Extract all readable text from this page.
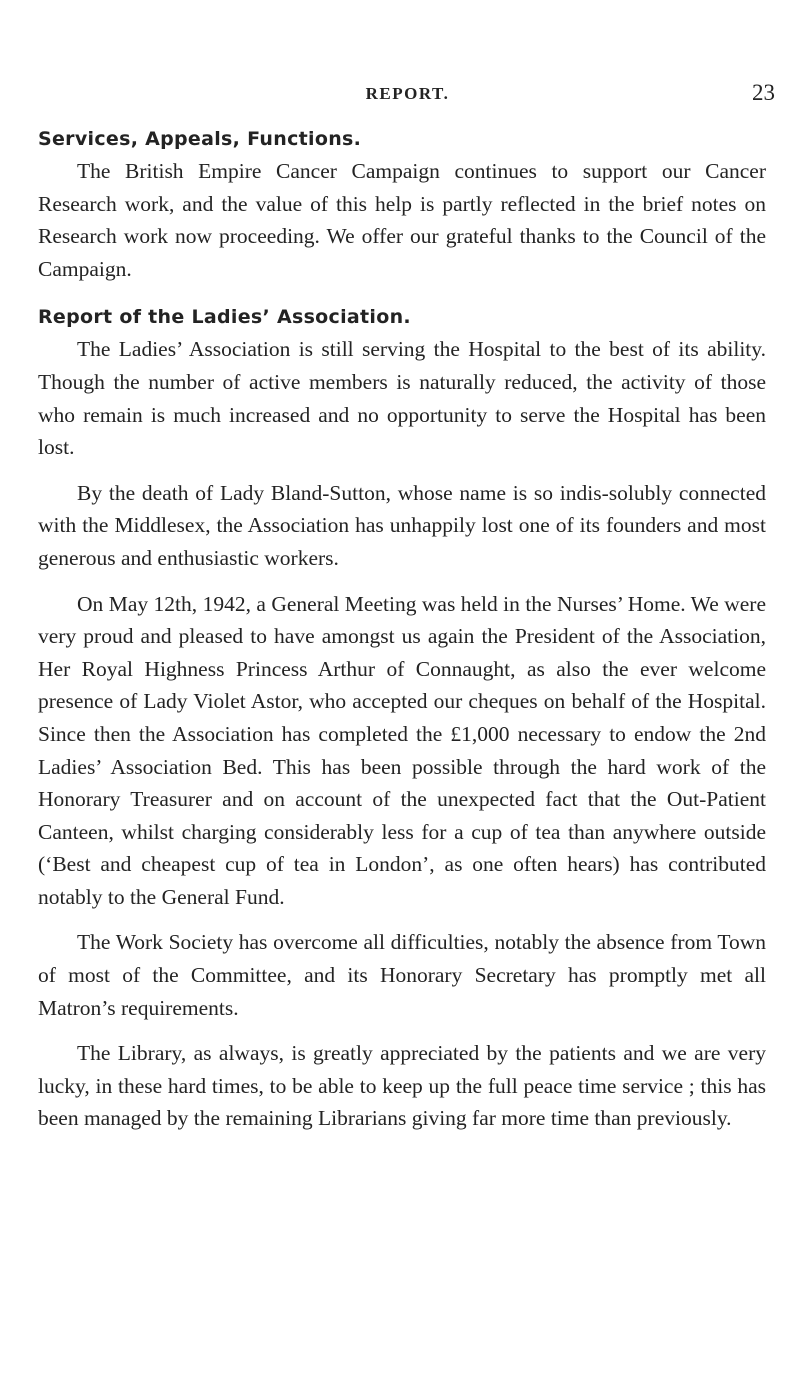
REPORT.	23
Services, Appeals, Functions.

The British Empire Cancer Campaign continues to support our Cancer Research work, and the value of this help is partly reflected in the brief notes on Research work now proceeding. We offer our grateful thanks to the Council of the Campaign.

Report of the Ladies’ Association.

The Ladies’ Association is still serving the Hospital to the best of its ability. Though the number of active members is naturally reduced, the activity of those who remain is much increased and no opportunity to serve the Hospital has been lost.

By the death of Lady Bland-Sutton, whose name is so indis-solubly connected with the Middlesex, the Association has unhappily lost one of its founders and most generous and enthusiastic workers.

On May 12th, 1942, a General Meeting was held in the Nurses’ Home. We were very proud and pleased to have amongst us again the President of the Association, Her Royal Highness Princess Arthur of Connaught, as also the ever welcome presence of Lady Violet Astor, who accepted our cheques on behalf of the Hospital. Since then the Association has completed the £1,000 necessary to endow the 2nd Ladies’ Association Bed. This has been possible through the hard work of the Honorary Treasurer and on account of the unexpected fact that the Out-Patient Canteen, whilst charging considerably less for a cup of tea than anywhere outside (‘Best and cheapest cup of tea in London’, as one often hears) has contributed notably to the General Fund.

The Work Society has overcome all difficulties, notably the absence from Town of most of the Committee, and its Honorary Secretary has promptly met all Matron’s requirements.

The Library, as always, is greatly appreciated by the patients and we are very lucky, in these hard times, to be able to keep up the full peace time service ; this has been managed by the remaining Librarians giving far more time than previously.
